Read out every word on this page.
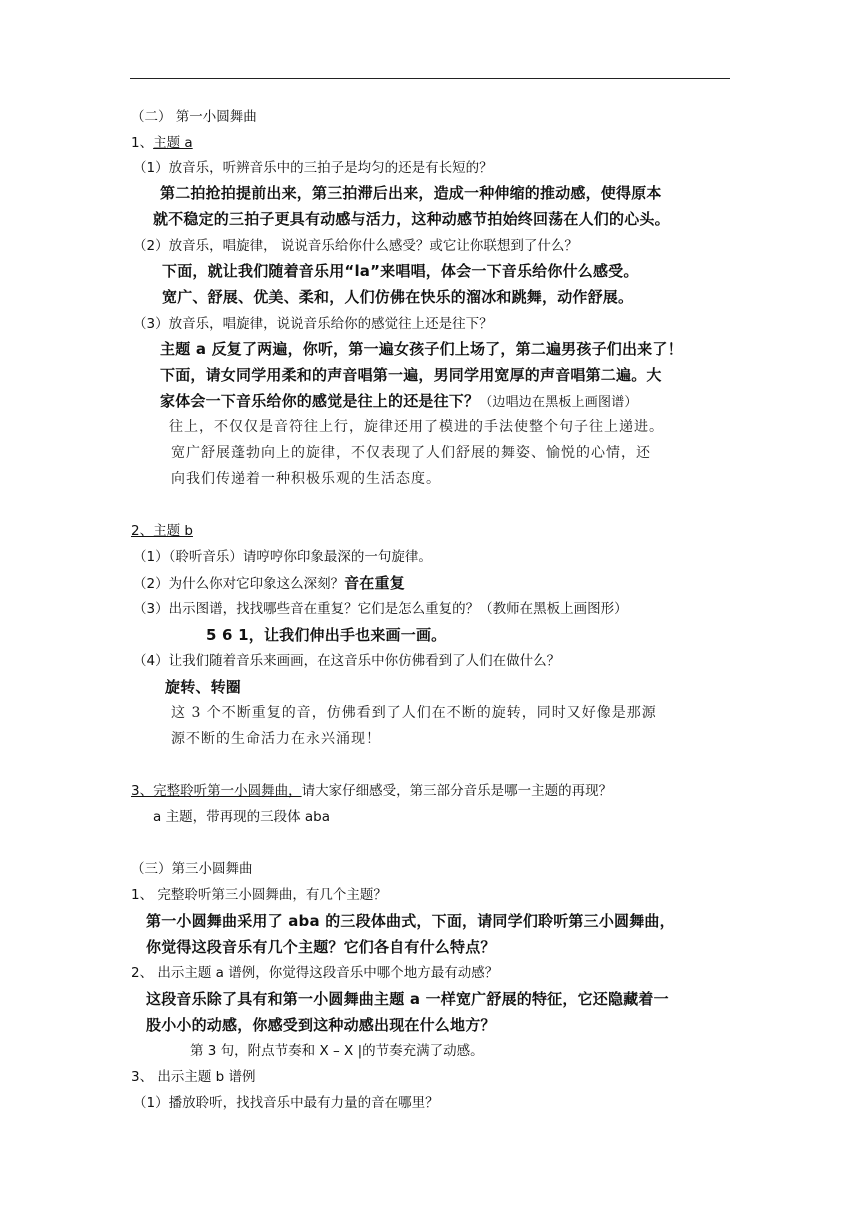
（二） 第一小圆舞曲
1、主题 a
（1）放音乐，听辨音乐中的三拍子是均匀的还是有长短的？
第二拍抢拍提前出来，第三拍滞后出来，造成一种伸缩的推动感，使得原本
就不稳定的三拍子更具有动感与活力，这种动感节拍始终回荡在人们的心头。
（2）放音乐，唱旋律， 说说音乐给你什么感受？或它让你联想到了什么？
下面，就让我们随着音乐用“la”来唱唱，体会一下音乐给你什么感受。
宽广、舒展、优美、柔和，人们仿佛在快乐的溜冰和跳舞，动作舒展。
（3）放音乐，唱旋律，说说音乐给你的感觉往上还是往下？
主题 a 反复了两遍，你听，第一遍女孩子们上场了，第二遍男孩子们出来了！
下面，请女同学用柔和的声音唱第一遍，男同学用宽厚的声音唱第二遍。大
家体会一下音乐给你的感觉是往上的还是往下？（边唱边在黑板上画图谱）
往上，不仅仅是音符往上行，旋律还用了模进的手法使整个句子往上递进。
宽广舒展蓬勃向上的旋律，不仅表现了人们舒展的舞姿、愉悦的心情，还
向我们传递着一种积极乐观的生活态度。
2、主题 b
（1）（聆听音乐）请哼哼你印象最深的一句旋律。
（2）为什么你对它印象这么深刻？音在重复
（3）出示图谱，找找哪些音在重复？它们是怎么重复的？（教师在黑板上画图形）
5 6 1，让我们伸出手也来画一画。
（4）让我们随着音乐来画画，在这音乐中你仿佛看到了人们在做什么？
旋转、转圈
这 3 个不断重复的音，仿佛看到了人们在不断的旋转，同时又好像是那源
源不断的生命活力在永兴涌现！
3、完整聆听第一小圆舞曲，请大家仔细感受，第三部分音乐是哪一主题的再现？
a 主题，带再现的三段体 aba
（三）第三小圆舞曲
1、 完整聆听第三小圆舞曲，有几个主题？
第一小圆舞曲采用了 aba 的三段体曲式，下面，请同学们聆听第三小圆舞曲，
你觉得这段音乐有几个主题？它们各自有什么特点？
2、 出示主题 a 谱例，你觉得这段音乐中哪个地方最有动感？
这段音乐除了具有和第一小圆舞曲主题 a 一样宽广舒展的特征，它还隐藏着一
股小小的动感，你感受到这种动感出现在什么地方？
第 3 句，附点节奏和 X – X |的节奏充满了动感。
3、 出示主题 b 谱例
（1）播放聆听，找找音乐中最有力量的音在哪里？
